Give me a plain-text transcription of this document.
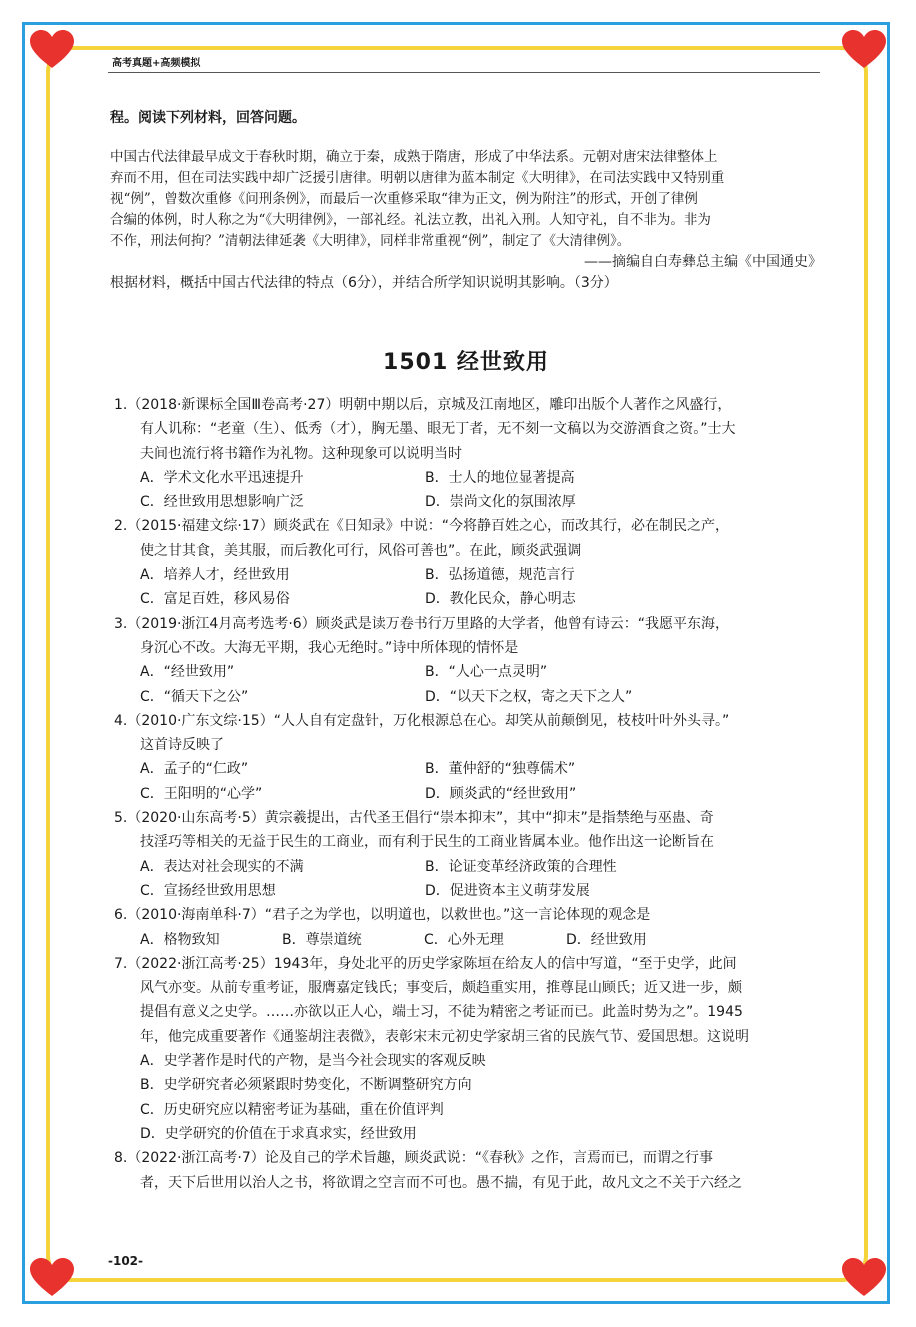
高考真题+高频模拟

程。阅读下列材料，回答问题。

中国古代法律最早成文于春秋时期，确立于秦，成熟于隋唐，形成了中华法系。元朝对唐宋法律整体上
弃而不用，但在司法实践中却广泛援引唐律。明朝以唐律为蓝本制定《大明律》，在司法实践中又特别重
视“例”，曾数次重修《问刑条例》，而最后一次重修采取“律为正文，例为附注”的形式，开创了律例
合编的体例，时人称之为“《大明律例》，一部礼经。礼法立教，出礼入刑。人知守礼，自不非为。非为
不作，刑法何拘？”清朝法律延袭《大明律》，同样非常重视“例”，制定了《大清律例》。

——摘编自白寿彝总主编《中国通史》

根据材料，概括中国古代法律的特点（6分），并结合所学知识说明其影响。（3分）

1501 经世致用
1.（2018·新课标全国Ⅲ卷高考·27）明朝中期以后，京城及江南地区，雕印出版个人著作之风盛行，
有人讥称：“老童（生）、低秀（才），胸无墨、眼无丁者，无不刻一文稿以为交游酒食之资。”士大
夫间也流行将书籍作为礼物。这种现象可以说明当时
A．学术文化水平迅速提升	B．士人的地位显著提高
C．经世致用思想影响广泛	D．崇尚文化的氛围浓厚
2.（2015·福建文综·17）顾炎武在《日知录》中说：“今将静百姓之心，而改其行，必在制民之产，
使之甘其食，美其服，而后教化可行，风俗可善也”。在此，顾炎武强调
A．培养人才，经世致用	B．弘扬道德，规范言行
C．富足百姓，移风易俗	D．教化民众，静心明志
3.（2019·浙江4月高考选考·6）顾炎武是读万卷书行万里路的大学者，他曾有诗云：“我愿平东海，
身沉心不改。大海无平期，我心无绝时。”诗中所体现的情怀是
A．“经世致用”	B．“人心一点灵明”
C．“循天下之公”	D．“以天下之权，寄之天下之人”
4.（2010·广东文综·15）“人人自有定盘针，万化根源总在心。却笑从前颠倒见，枝枝叶叶外头寻。”
这首诗反映了
A．孟子的“仁政”	B．董仲舒的“独尊儒术”
C．王阳明的“心学”	D．顾炎武的“经世致用”
5.（2020·山东高考·5）黄宗羲提出，古代圣王倡行“崇本抑末”，其中“抑末”是指禁绝与巫蛊、奇
技淫巧等相关的无益于民生的工商业，而有利于民生的工商业皆属本业。他作出这一论断旨在
A．表达对社会现实的不满	B．论证变革经济政策的合理性
C．宣扬经世致用思想	D．促进资本主义萌芽发展
6.（2010·海南单科·7）“君子之为学也，以明道也，以救世也。”这一言论体现的观念是
A．格物致知	B．尊崇道统	C．心外无理	D．经世致用
7.（2022·浙江高考·25）1943年，身处北平的历史学家陈垣在给友人的信中写道，“至于史学，此间
风气亦变。从前专重考证，服膺嘉定钱氏；事变后，颇趋重实用，推尊昆山顾氏；近又进一步，颇
提倡有意义之史学。……亦欲以正人心，端士习，不徒为精密之考证而已。此盖时势为之”。1945
年，他完成重要著作《通鉴胡注表微》，表彰宋末元初史学家胡三省的民族气节、爱国思想。这说明
A．史学著作是时代的产物，是当今社会现实的客观反映
B．史学研究者必须紧跟时势变化，不断调整研究方向
C．历史研究应以精密考证为基础，重在价值评判
D．史学研究的价值在于求真求实，经世致用
8.（2022·浙江高考·7）论及自己的学术旨趣，顾炎武说：“《春秋》之作，言焉而已，而谓之行事
者，天下后世用以治人之书，将欲谓之空言而不可也。愚不揣，有见于此，故凡文之不关于六经之
-102-
